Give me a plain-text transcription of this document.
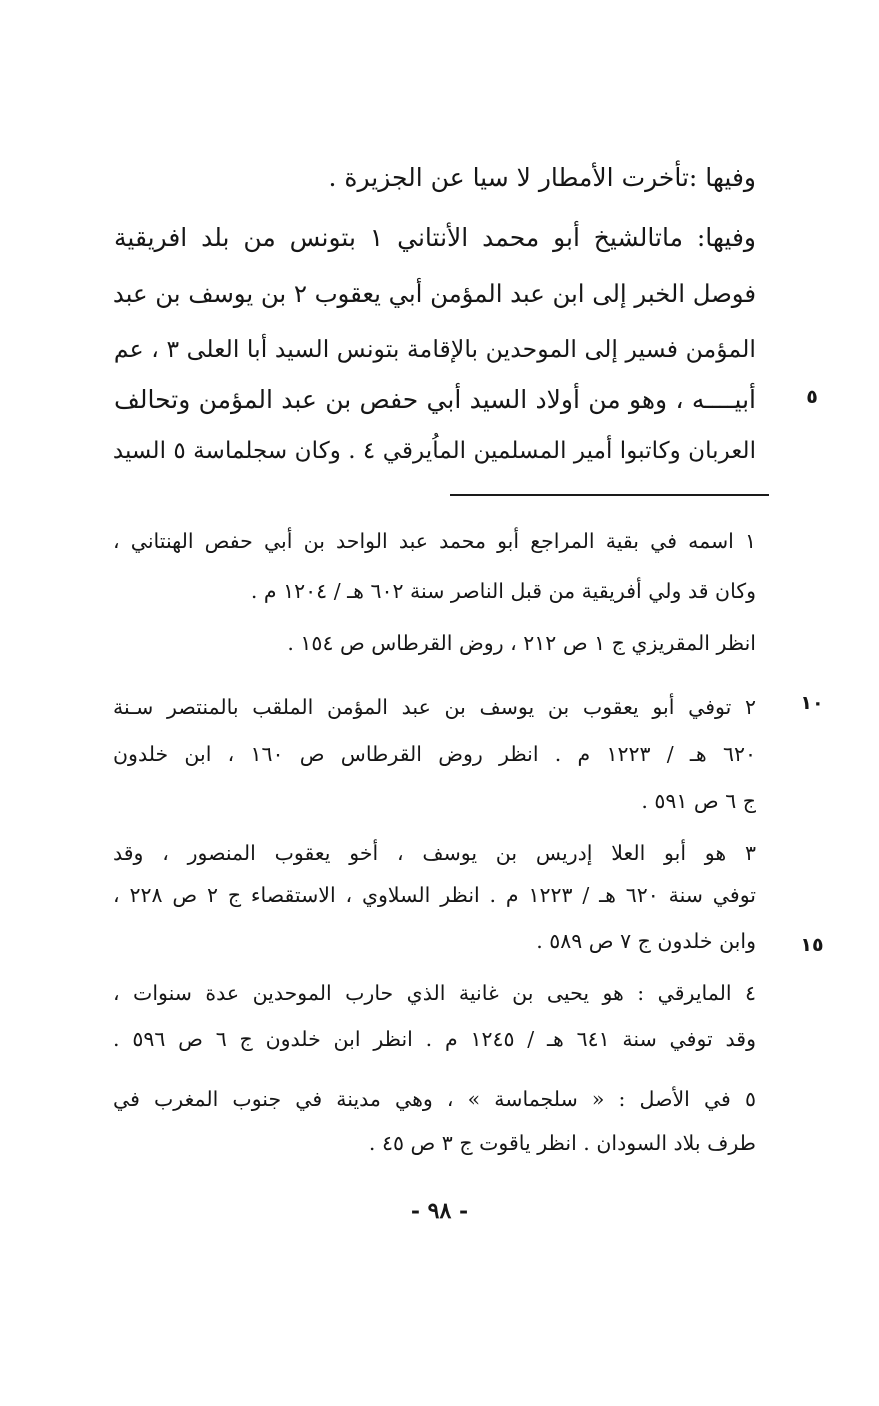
وفيها :تأخرت الأمطار لا سيا عن الجزيرة .
وفيها: ماتالشيخ أبو محمد الأنتاني ١ بتونس من بلد افريقية
فوصل الخبر إلى ابن عبد المؤمن أبي يعقوب ٢ بن يوسف بن عبد
المؤمن فسير إلى الموحدين بالإقامة بتونس السيد أبا العلى ٣ ، عم
أبيــــه ، وهو من أولاد السيد أبي حفص بن عبد المؤمن وتحالف
العربان وكاتبوا أمير المسلمين الماُيرقي ٤ . وكان سجلماسة ٥ السيد
٥
١٠
١٥
١ اسمه في بقية المراجع أبو محمد عبد الواحد بن أبي حفص الهنتاني ،
وكان قد ولي أفريقية من قبل الناصر سنة ٦٠٢ هـ / ١٢٠٤ م .
انظر المقريزي ج ١ ص ٢١٢ ، روض القرطاس ص ١٥٤ .
٢ توفي أبو يعقوب بن يوسف بن عبد المؤمن الملقب بالمنتصر سـنة
٦٢٠ هـ / ١٢٢٣ م . انظر روض القرطاس ص ١٦٠ ، ابن خلدون
ج ٦ ص ٥٩١ .
٣ هو أبو العلا إدريس بن يوسف ، أخو يعقوب المنصور ، وقد
توفي سنة ٦٢٠ هـ / ١٢٢٣ م . انظر السلاوي ، الاستقصاء ج ٢ ص ٢٢٨ ،
وابن خلدون ج ٧ ص ٥٨٩ .
٤ المايرقي : هو يحيى بن غانية الذي حارب الموحدين عدة سنوات ،
وقد توفي سنة ٦٤١ هـ / ١٢٤٥ م . انظر ابن خلدون ج ٦ ص ٥٩٦ .
٥ في الأصل : « سلجماسة » ، وهي مدينة في جنوب المغرب في
طرف بلاد السودان . انظر ياقوت ج ٣ ص ٤٥ .
- ٩٨ -
